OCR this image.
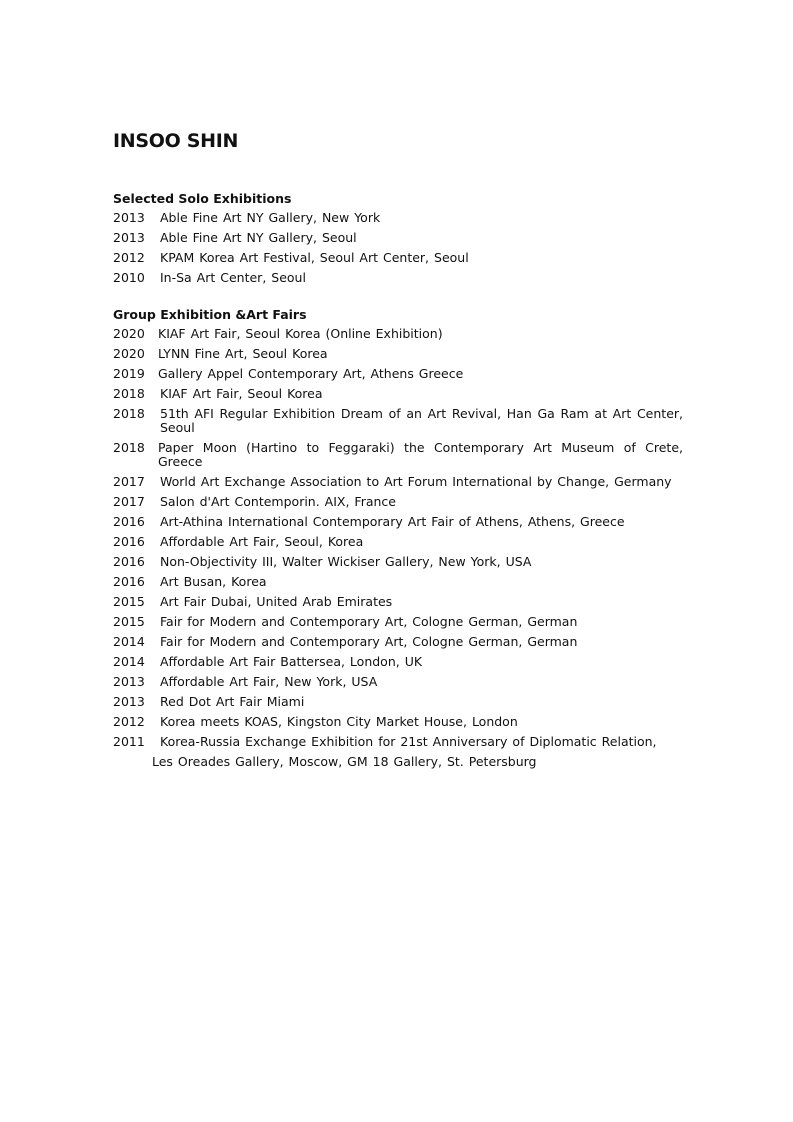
INSOO SHIN
Selected Solo Exhibitions
2013	Able Fine Art NY Gallery, New York
2013	Able Fine Art NY Gallery, Seoul
2012	KPAM Korea Art Festival, Seoul Art Center, Seoul
2010	In-Sa Art Center, Seoul
Group Exhibition &Art Fairs
2020	KIAF Art Fair, Seoul Korea (Online Exhibition)
2020	LYNN Fine Art, Seoul Korea
2019	Gallery Appel Contemporary Art, Athens Greece
2018	KIAF Art Fair, Seoul Korea
2018	51th AFI Regular Exhibition Dream of an Art Revival, Han Ga Ram at Art Center, Seoul
2018	Paper Moon (Hartino to Feggaraki) the Contemporary Art Museum of Crete, Greece
2017	World Art Exchange Association to Art Forum International by Change, Germany
2017	Salon d'Art Contemporin. AIX, France
2016	Art-Athina International Contemporary Art Fair of Athens, Athens, Greece
2016	Affordable Art Fair, Seoul, Korea
2016	Non-Objectivity III, Walter Wickiser Gallery, New York, USA
2016	Art Busan, Korea
2015	Art Fair Dubai, United Arab Emirates
2015	Fair for Modern and Contemporary Art, Cologne German, German
2014	Fair for Modern and Contemporary Art, Cologne German, German
2014	Affordable Art Fair Battersea, London, UK
2013	Affordable Art Fair, New York, USA
2013	Red Dot Art Fair Miami
2012	Korea meets KOAS, Kingston City Market House, London
2011	Korea-Russia Exchange Exhibition for 21st Anniversary of Diplomatic Relation,
Les Oreades Gallery, Moscow, GM 18 Gallery, St. Petersburg
